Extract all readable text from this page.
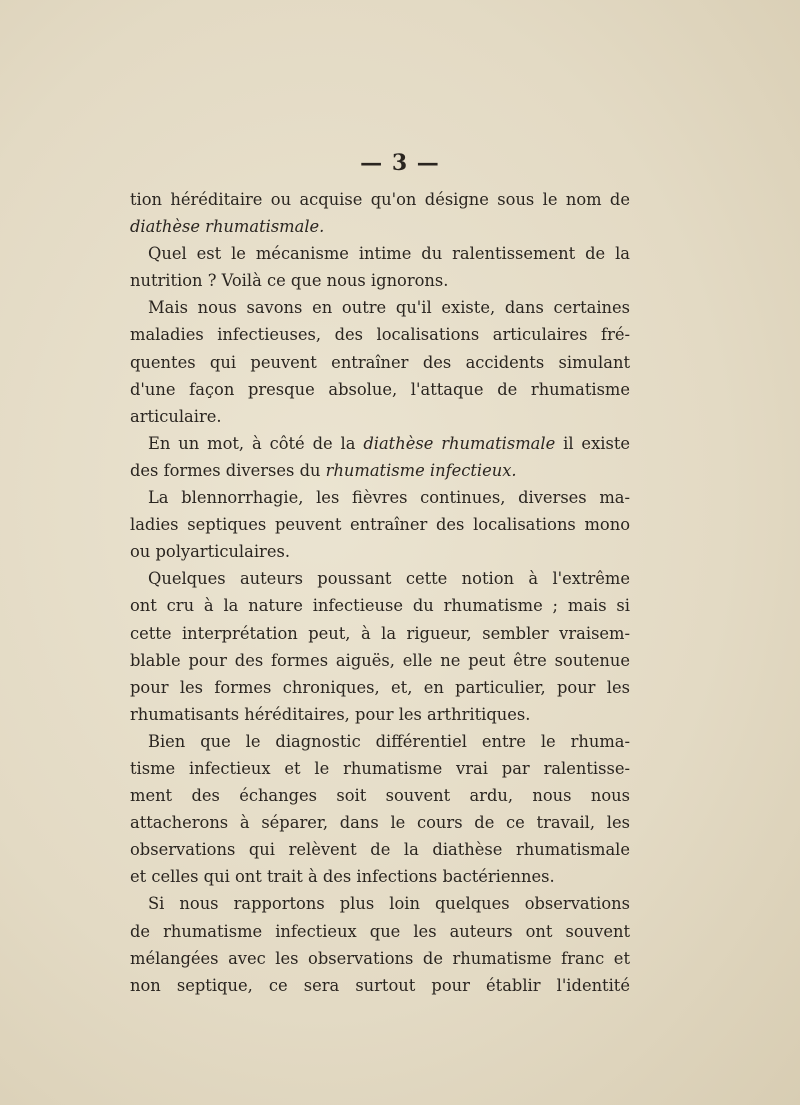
— 3 —
tion héréditaire ou acquise qu'on désigne sous le nom de
diathèse rhumatismale.
Quel est le mécanisme intime du ralentissement de la
nutrition ? Voilà ce que nous ignorons.
Mais nous savons en outre qu'il existe, dans certaines
maladies infectieuses, des localisations articulaires fré-
quentes qui peuvent entraîner des accidents simulant
d'une façon presque absolue, l'attaque de rhumatisme
articulaire.
En un mot, à côté de la diathèse rhumatismale il existe
des formes diverses du rhumatisme infectieux.
La blennorrhagie, les fièvres continues, diverses ma-
ladies septiques peuvent entraîner des localisations mono
ou polyarticulaires.
Quelques auteurs poussant cette notion à l'extrême
ont cru à la nature infectieuse du rhumatisme ; mais si
cette interprétation peut, à la rigueur, sembler vraisem-
blable pour des formes aiguës, elle ne peut être soutenue
pour les formes chroniques, et, en particulier, pour les
rhumatisants héréditaires, pour les arthritiques.
Bien que le diagnostic différentiel entre le rhuma-
tisme infectieux et le rhumatisme vrai par ralentisse-
ment des échanges soit souvent ardu, nous nous
attacherons à séparer, dans le cours de ce travail, les
observations qui relèvent de la diathèse rhumatismale
et celles qui ont trait à des infections bactériennes.
Si nous rapportons plus loin quelques observations
de rhumatisme infectieux que les auteurs ont souvent
mélangées avec les observations de rhumatisme franc et
non septique, ce sera surtout pour établir l'identité
